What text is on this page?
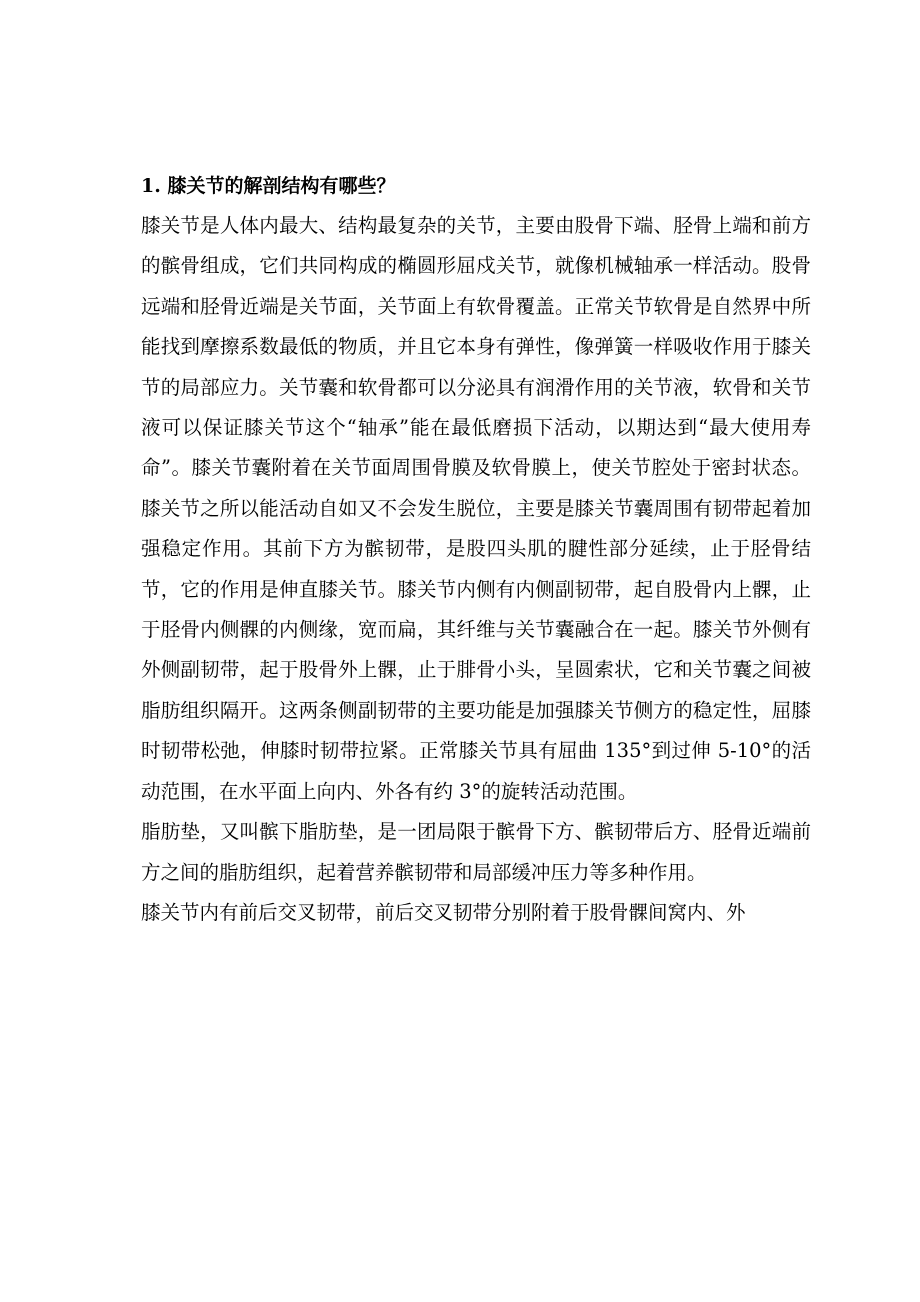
1. 膝关节的解剖结构有哪些？

膝关节是人体内最大、结构最复杂的关节，主要由股骨下端、胫骨上端和前方的髌骨组成，它们共同构成的椭圆形屈戍关节，就像机械轴承一样活动。股骨远端和胫骨近端是关节面，关节面上有软骨覆盖。正常关节软骨是自然界中所能找到摩擦系数最低的物质，并且它本身有弹性，像弹簧一样吸收作用于膝关节的局部应力。关节囊和软骨都可以分泌具有润滑作用的关节液，软骨和关节液可以保证膝关节这个“轴承”能在最低磨损下活动，以期达到“最大使用寿命”。膝关节囊附着在关节面周围骨膜及软骨膜上，使关节腔处于密封状态。膝关节之所以能活动自如又不会发生脱位，主要是膝关节囊周围有韧带起着加强稳定作用。其前下方为髌韧带，是股四头肌的腱性部分延续，止于胫骨结节，它的作用是伸直膝关节。膝关节内侧有内侧副韧带，起自股骨内上髁，止于胫骨内侧髁的内侧缘，宽而扁，其纤维与关节囊融合在一起。膝关节外侧有外侧副韧带，起于股骨外上髁，止于腓骨小头，呈圆索状，它和关节囊之间被脂肪组织隔开。这两条侧副韧带的主要功能是加强膝关节侧方的稳定性，屈膝时韧带松弛，伸膝时韧带拉紧。正常膝关节具有屈曲 135°到过伸 5-10°的活动范围，在水平面上向内、外各有约 3°的旋转活动范围。

脂肪垫，又叫髌下脂肪垫，是一团局限于髌骨下方、髌韧带后方、胫骨近端前方之间的脂肪组织，起着营养髌韧带和局部缓冲压力等多种作用。

膝关节内有前后交叉韧带，前后交叉韧带分别附着于股骨髁间窝内、外
